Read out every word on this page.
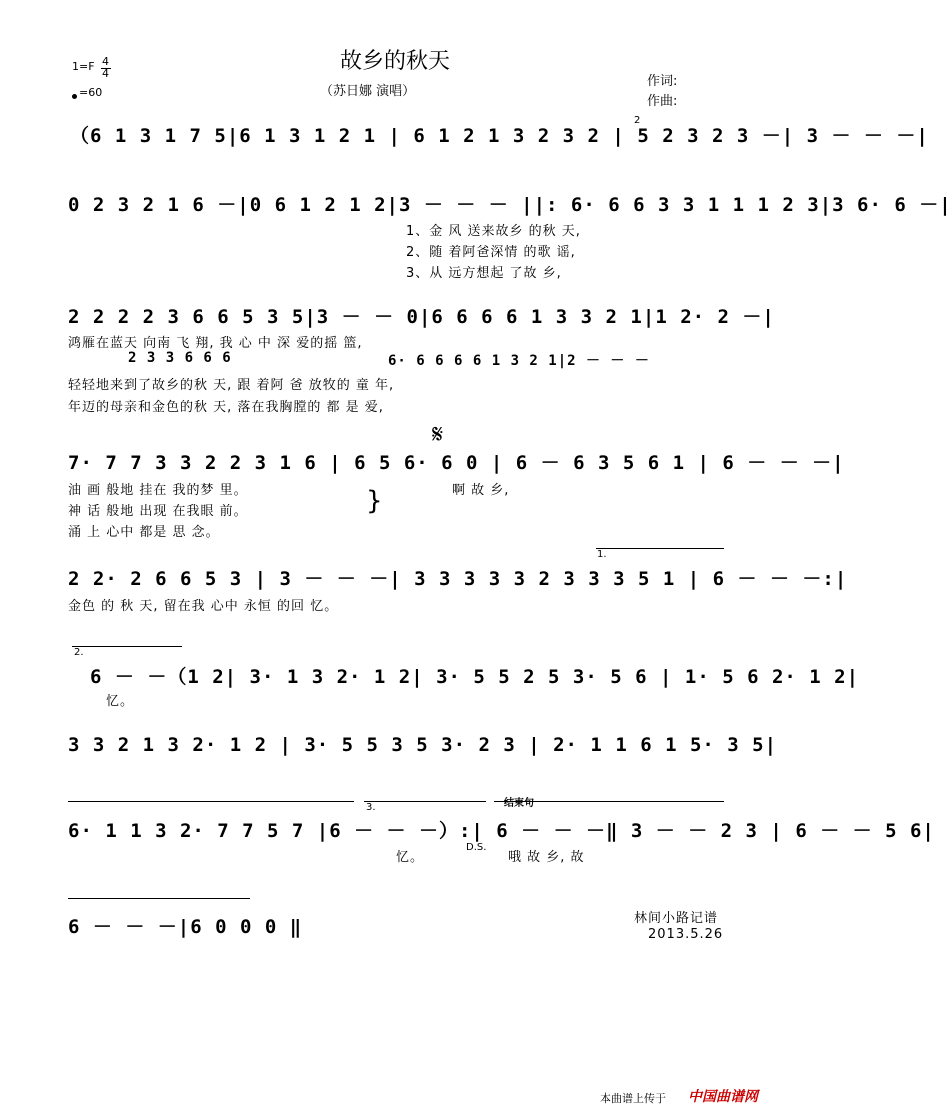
故乡的秋天
（苏日娜 演唱）
作词:
作曲:
1=F 4
4
=60
（6 1 3 1 7 5|6 1 3 1 2 1 | 6 1 2 1 3 2 3 2 | 5 2 3 2 3 －| 3 － － －|
2
0 2 3 2 1 6 －|0 6 1 2 1 2|3 － － － ||: 6· 6 6 3 3 1 1 1 2 3|3 6· 6 －|
1、金 风 送来故乡 的秋 天,
2、随 着阿爸深情 的歌 谣,
3、从 远方想起 了故 乡,
2 2 2 2 3 6 6 5 3 5|3 － － 0|6 6 6 6 1 3 3 2 1|1 2· 2 －|
鸿雁在蓝天 向南 飞 翔, 我 心 中 深 爱的摇 篮,
2 3 3 6 6 6	6· 6 6 6 6 1 3 2 1|2 － － －
轻轻地来到了故乡的秋 天, 跟 着阿 爸 放牧的 童 年,
年迈的母亲和金色的秋 天, 落在我胸膛的 都 是 爱,
7· 7 7 3 3 2 2 3 1 6 | 6 5 6· 6 0 | 6 － 6 3 5 6 1 | 6 － － －|
𝄋
油 画 般地 挂在 我的梦 里。
神 话 般地 出现 在我眼 前。
涌 上 心中 都是 思 念。
}	啊 故 乡,
2 2· 2 6 6 5 3 | 3 － － －| 3 3 3 3 3 2 3 3 3 5 1 | 6 － － －:|
金色 的 秋 天, 留在我 心中 永恒 的回 忆。
1.
2.
6 － －（1 2| 3· 1 3 2· 1 2| 3· 5 5 2 5 3· 5 6 | 1· 5 6 2· 1 2|
忆。
3 3 2 1 3 2· 1 2 | 3· 5 5 3 5 3· 2 3 | 2· 1 1 6 1 5· 3 5|
3.	结束句
6· 1 1 3 2· 7 7 5 7 |6 － － －）:| 6 － － －‖ 3 － － 2 3 | 6 － － 5 6|
忆。
D.S.
哦 故 乡, 故
6 － － －|6 0 0 0 ‖	林间小路记谱
2013.5.26
本曲谱上传于 中国曲谱网
